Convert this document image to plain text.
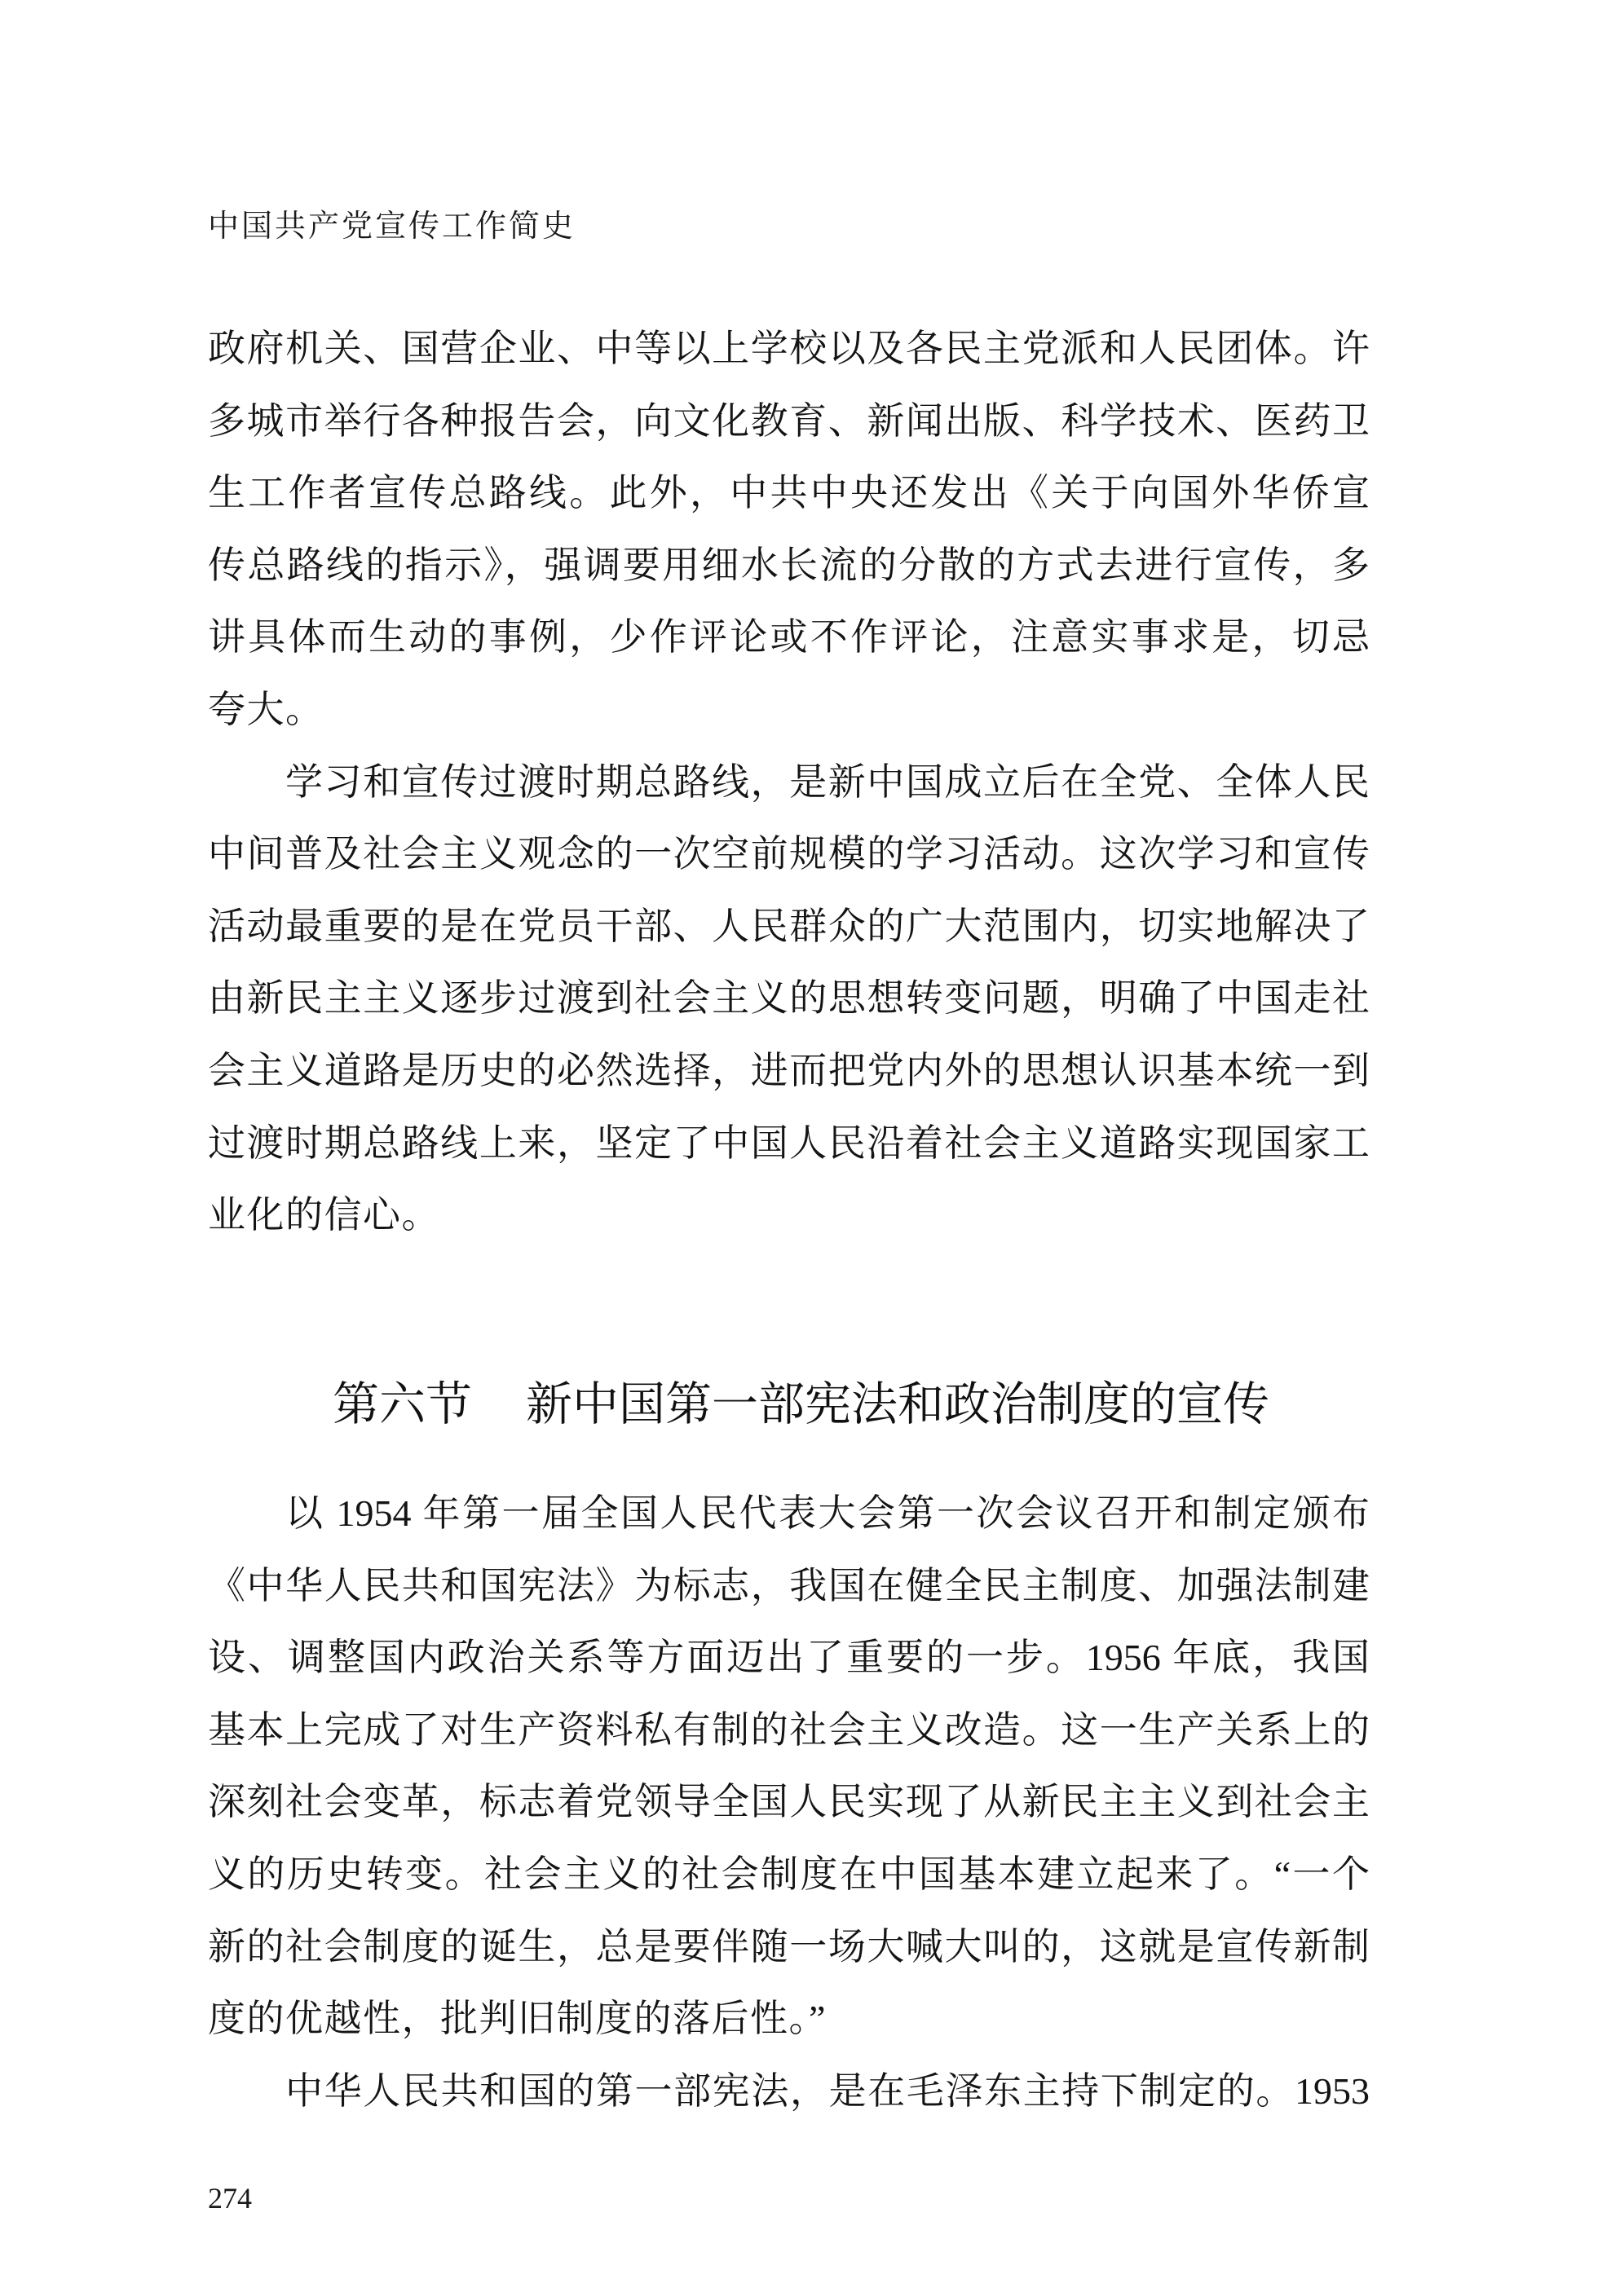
中国共产党宣传工作简史
政府机关、国营企业、中等以上学校以及各民主党派和人民团体。许
多城市举行各种报告会，向文化教育、新闻出版、科学技术、医药卫
生工作者宣传总路线。此外，中共中央还发出《关于向国外华侨宣
传总路线的指示》，强调要用细水长流的分散的方式去进行宣传，多
讲具体而生动的事例，少作评论或不作评论，注意实事求是，切忌
夸大。
学习和宣传过渡时期总路线，是新中国成立后在全党、全体人民
中间普及社会主义观念的一次空前规模的学习活动。这次学习和宣传
活动最重要的是在党员干部、人民群众的广大范围内，切实地解决了
由新民主主义逐步过渡到社会主义的思想转变问题，明确了中国走社
会主义道路是历史的必然选择，进而把党内外的思想认识基本统一到
过渡时期总路线上来，坚定了中国人民沿着社会主义道路实现国家工
业化的信心。
第六节 新中国第一部宪法和政治制度的宣传
以 1954 年第一届全国人民代表大会第一次会议召开和制定颁布
《中华人民共和国宪法》为标志，我国在健全民主制度、加强法制建
设、调整国内政治关系等方面迈出了重要的一步。1956 年底，我国
基本上完成了对生产资料私有制的社会主义改造。这一生产关系上的
深刻社会变革，标志着党领导全国人民实现了从新民主主义到社会主
义的历史转变。社会主义的社会制度在中国基本建立起来了。“一个
新的社会制度的诞生，总是要伴随一场大喊大叫的，这就是宣传新制
度的优越性，批判旧制度的落后性。”
中华人民共和国的第一部宪法，是在毛泽东主持下制定的。1953
274
